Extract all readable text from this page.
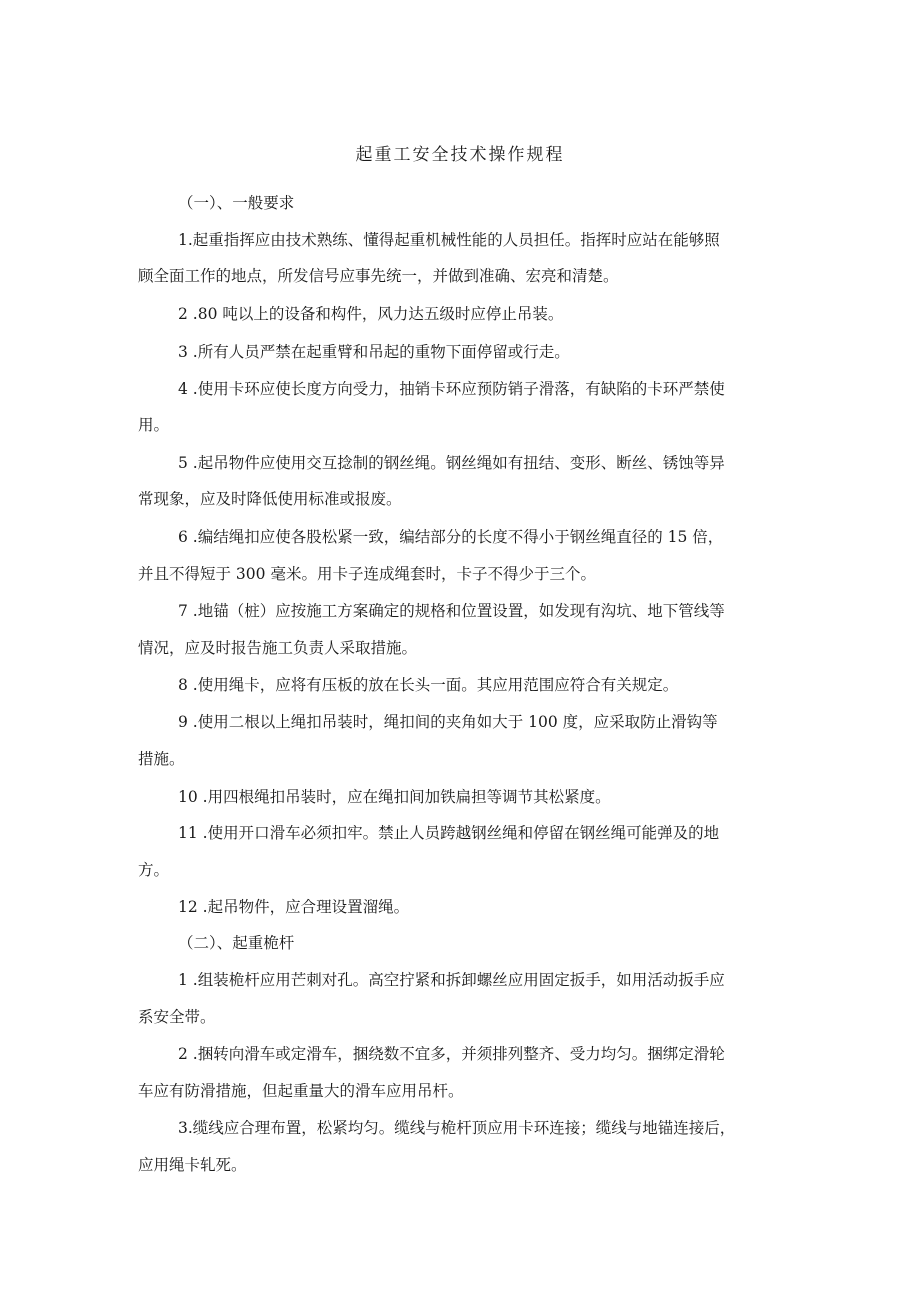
起重工安全技术操作规程

（一）、一般要求

1.起重指挥应由技术熟练、懂得起重机械性能的人员担任。指挥时应站在能够照

顾全面工作的地点，所发信号应事先统一，并做到准确、宏亮和清楚。

2 .80 吨以上的设备和构件，风力达五级时应停止吊装。

3 .所有人员严禁在起重臂和吊起的重物下面停留或行走。

4 .使用卡环应使长度方向受力，抽销卡环应预防销子滑落，有缺陷的卡环严禁使

用。

5 .起吊物件应使用交互捻制的钢丝绳。钢丝绳如有扭结、变形、断丝、锈蚀等异

常现象，应及时降低使用标准或报废。

6 .编结绳扣应使各股松紧一致，编结部分的长度不得小于钢丝绳直径的 15 倍，

并且不得短于 300 毫米。用卡子连成绳套时，卡子不得少于三个。

7 .地锚（桩）应按施工方案确定的规格和位置设置，如发现有沟坑、地下管线等

情况，应及时报告施工负责人采取措施。

8 .使用绳卡，应将有压板的放在长头一面。其应用范围应符合有关规定。

9 .使用二根以上绳扣吊装时，绳扣间的夹角如大于 100 度，应采取防止滑钩等

措施。

10 .用四根绳扣吊装时，应在绳扣间加铁扁担等调节其松紧度。

11 .使用开口滑车必须扣牢。禁止人员跨越钢丝绳和停留在钢丝绳可能弹及的地

方。

12 .起吊物件，应合理设置溜绳。

（二）、起重桅杆

1 .组装桅杆应用芒刺对孔。高空拧紧和拆卸螺丝应用固定扳手，如用活动扳手应

系安全带。

2 .捆转向滑车或定滑车，捆绕数不宜多，并须排列整齐、受力均匀。捆绑定滑轮

车应有防滑措施，但起重量大的滑车应用吊杆。

3.缆线应合理布置，松紧均匀。缆线与桅杆顶应用卡环连接；缆线与地锚连接后，

应用绳卡轧死。
